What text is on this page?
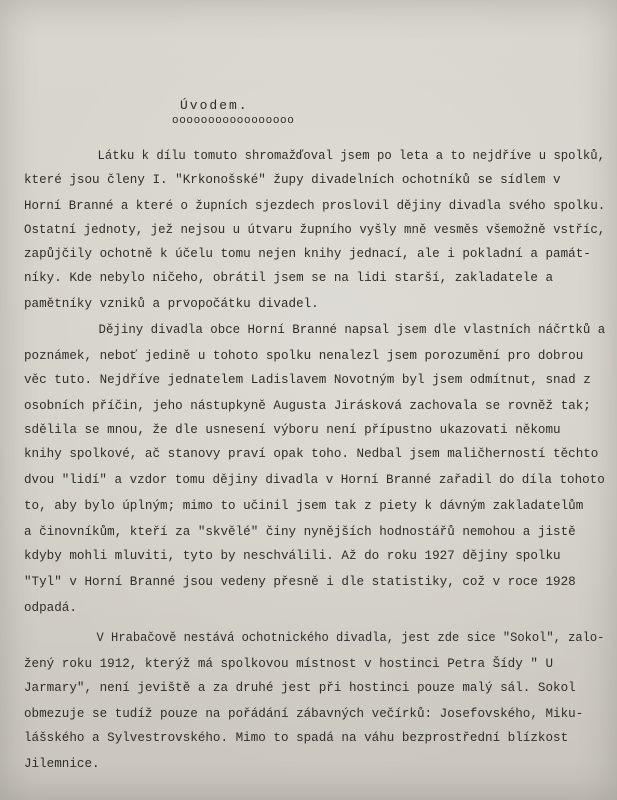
Úvodem.
ooooooooooooooooo
Látku k dílu tomuto shromažďoval jsem po leta a to nejdříve u spolků,
které jsou členy I. "Krkonošské" župy divadelních ochotníků se sídlem v
Horní Branné a které o župních sjezdech proslovil dějiny divadla svého spolku.
Ostatní jednoty, jež nejsou u útvaru župního vyšly mně vesměs všemožně vstříc,
zapůjčily ochotně k účelu tomu nejen knihy jednací, ale i pokladní a památ-
níky. Kde nebylo ničeho, obrátil jsem se na lidi starší, zakladatele a
pamětníky vzniků a prvopočátku divadel.
Dějiny divadla obce Horní Branné napsal jsem dle vlastních náčrtků a
poznámek, neboť jedině u tohoto spolku nenalezl jsem porozumění pro dobrou
věc tuto. Nejdříve jednatelem Ladislavem Novotným byl jsem odmítnut, snad z
osobních příčin, jeho nástupkyně Augusta Jirásková zachovala se rovněž tak;
sdělila se mnou, že dle usnesení výboru není přípustno ukazovati někomu
knihy spolkové, ač stanovy praví opak toho. Nedbal jsem maličherností těchto
dvou "lidí" a vzdor tomu dějiny divadla v Horní Branné zařadil do díla tohoto
to, aby bylo úplným; mimo to učinil jsem tak z piety k dávným zakladatelům
a činovníkům, kteří za "skvělé" činy nynějších hodnostářů nemohou a jistě
kdyby mohli mluviti, tyto by neschválili. Až do roku 1927 dějiny spolku
"Tyl" v Horní Branné jsou vedeny přesně i dle statistiky, což v roce 1928
odpadá.
V Hrabačově nestává ochotnického divadla, jest zde sice "Sokol", zalo-
žený roku 1912, kterýž má spolkovou místnost v hostinci Petra Šídy " U
Jarmary", není jeviště a za druhé jest při hostinci pouze malý sál. Sokol
obmezuje se tudíž pouze na pořádání zábavných večírků: Josefovského, Miku-
lášského a Sylvestrovského. Mimo to spadá na váhu bezprostřední blízkost
Jilemnice.
